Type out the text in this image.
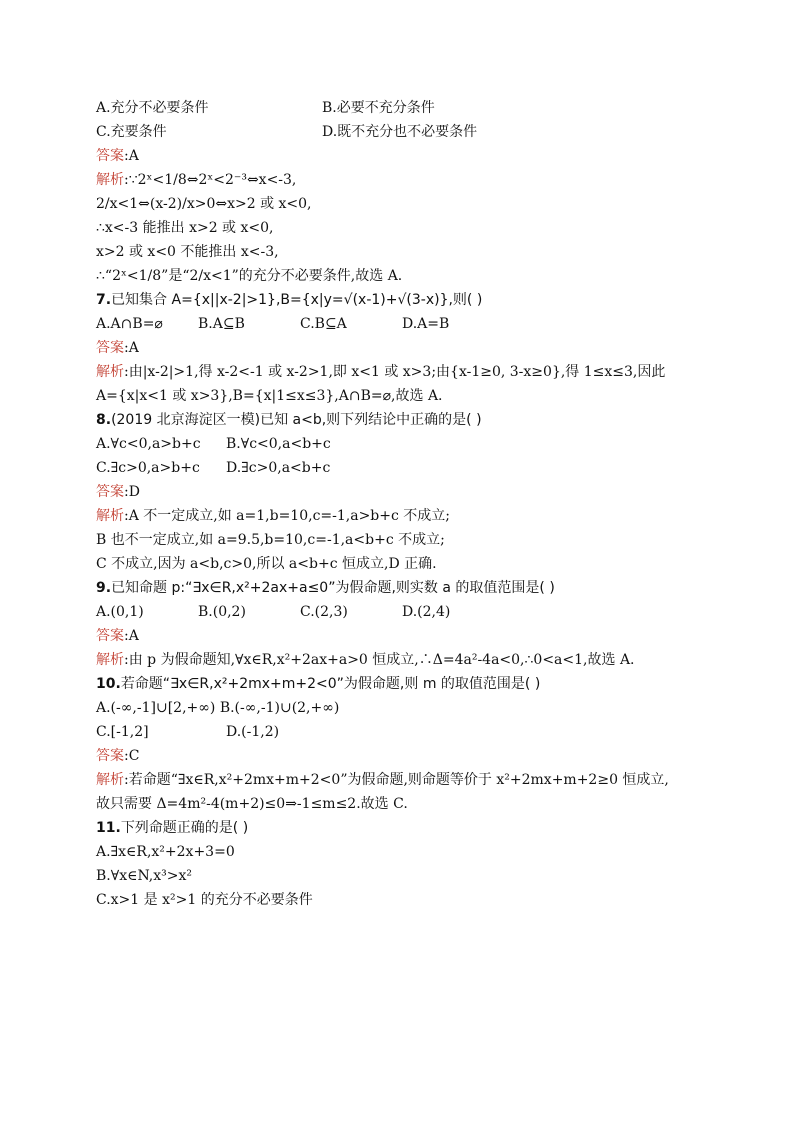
A.充分不必要条件	B.必要不充分条件
C.充要条件	D.既不充分也不必要条件
答案:A
解析:∵2ˣ<1/8⇔2ˣ<2⁻³⇔x<-3,
2/x<1⇔(x-2)/x>0⇔x>2 或 x<0,
∴x<-3 能推出 x>2 或 x<0,
x>2 或 x<0 不能推出 x<-3,
∴“2ˣ<1/8”是“2/x<1”的充分不必要条件,故选 A.
7.已知集合 A={x||x-2|>1},B={x|y=√(x-1)+√(3-x)},则( )
A.A∩B=⌀	B.A⊆B	C.B⊆A	D.A=B
答案:A
解析:由|x-2|>1,得 x-2<-1 或 x-2>1,即 x<1 或 x>3;由{x-1≥0, 3-x≥0},得 1≤x≤3,因此
A={x|x<1 或 x>3},B={x|1≤x≤3},A∩B=⌀,故选 A.
8.(2019 北京海淀区一模)已知 a<b,则下列结论中正确的是( )
A.∀c<0,a>b+c B.∀c<0,a<b+c
C.∃c>0,a>b+c D.∃c>0,a<b+c
答案:D
解析:A 不一定成立,如 a=1,b=10,c=-1,a>b+c 不成立;
B 也不一定成立,如 a=9.5,b=10,c=-1,a<b+c 不成立;
C 不成立,因为 a<b,c>0,所以 a<b+c 恒成立,D 正确.
9.已知命题 p:“∃x∈R,x²+2ax+a≤0”为假命题,则实数 a 的取值范围是( )
A.(0,1)	B.(0,2)	C.(2,3)	D.(2,4)
答案:A
解析:由 p 为假命题知,∀x∈R,x²+2ax+a>0 恒成立,∴Δ=4a²-4a<0,∴0<a<1,故选 A.
10.若命题“∃x∈R,x²+2mx+m+2<0”为假命题,则 m 的取值范围是( )
A.(-∞,-1]∪[2,+∞) B.(-∞,-1)∪(2,+∞)
C.[-1,2]	D.(-1,2)
答案:C
解析:若命题“∃x∈R,x²+2mx+m+2<0”为假命题,则命题等价于 x²+2mx+m+2≥0 恒成立,
故只需要 Δ=4m²-4(m+2)≤0⇒-1≤m≤2.故选 C.
11.下列命题正确的是( )
A.∃x∈R,x²+2x+3=0
B.∀x∈N,x³>x²
C.x>1 是 x²>1 的充分不必要条件
